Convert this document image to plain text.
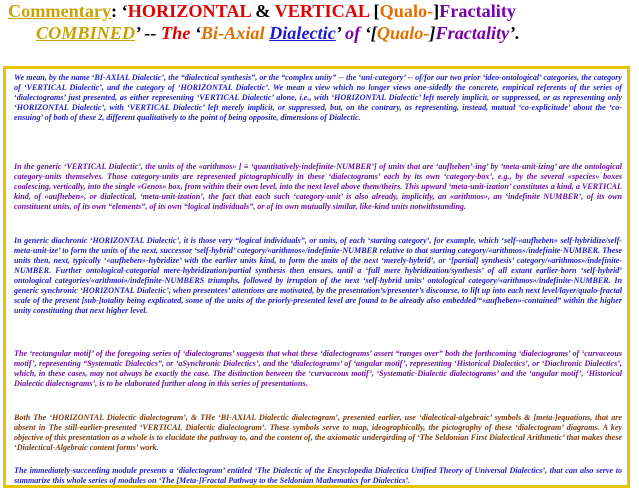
Commentary: ‘HORIZONTAL & VERTICAL [Qualo-]Fractality
COMBINED’ -- The ‘Bi-Axial Dialectic’ of ‘[Qualo-]Fractality’.
We mean, by the name ‘BI-AXIAL Dialectic’, the “dialectical synthesis”, or the “complex unity” -- the ‘uni-category’ -- of/for our two prior ‘ideo-ontological’ categories, the category of ‘VERTICAL Dialectic’, and the category of ‘HORIZONTAL Dialectic’. We mean a view which no longer views one-sidedly the concrete, empirical referents of the series of ‘dialectograms’ just presented, as either representing ‘VERTICAL Dialectic’ alone, i.e., with ‘HORIZONTAL Dialectic’ left merely implicit, or suppressed, or as representing only ‘HORIZONTAL Dialectic’, with ‘VERTICAL Dialectic’ left merely implicit, or suppressed, but, on the contrary, as representing, instead, mutual ‘co-explicitude’ about the ‘co-ensuing’ of both of these 2, different qualitatively to the point of being opposite, dimensions of Dialectic.
In the generic ‘VERTICAL Dialectic’, the units of the «arithmos» [ ≡ ‘quantitatively-indefinite-NUMBER’] of units that are ‘aufheben’-ing’ by ‘meta-unit-izing’ are the ontological category-units themselves. Those category-units are represented pictographically in these ‘dialectograms’ each by its own ‘category-box’, e.g., by the several «species» boxes coalescing, vertically, into the single «Genos» box, from within their own level, into the next level above them/theirs. This upward ‘meta-unit-ization’ constitutes a kind, a VERTICAL kind, of «aufheben», or dialectical, ‘meta-unit-ization’, the fact that each such ‘category-unit’ is also already, implicitly, an «arithmos», an ‘indefinite NUMBER’, of its own constituent units, of its own “elements”, of its own “logical individuals”, or of its own mutually similar, like-kind units notwithstanding.
In generic diachronic ‘HORIZONTAL Dialectic’, it is those very “logical individuals”, or units, of each ‘starting category’, for example, which ‘self-«aufheben» self-hybridize/self-meta-unit-ize’ to form the units of the next, successor ‘self-hybrid’ category/«arithmos»/indefinite-NUMBER relative to that starting category/«arithmos»/indefinite-NUMBER. These units then, next, typically ‘«aufheben»-hybridize’ with the earlier units kind, to form the units of the next ‘merely-hybrid’, or ‘[partial] synthesis’ category/«arithmos»/indefinite-NUMBER. Further ontological-categorial mere-hybridization/partial synthesis then ensues, until a ‘full mere hybridization/synthesis’ of all extant earlier-born ‘self-hybrid’ ontological categories/«arithmoi»/indefinite-NUMBERS triumphs, followed by irruption of the next ‘self-hybrid units’ ontological category/«arithmos»/indefinite-NUMBER. In generic synchronic ‘HORIZONTAL Dialectic’, when presentees’ attentions are motivated, by the presentation’s/presenter’s discourse, to lift up into each next level/layer/qualo-fractal scale of the present [sub-]totality being explicated, some of the units of the priorly-presented level are found to be already also embedded/“«aufheben»-contained” within the higher unity constituting that next higher level.
The ‘rectangular motif’ of the foregoing series of ‘dialectograms’ suggests that what these ‘dialectograms’ assert “ranges over” both the forthcoming ‘dialectograms’ of ‘curvaceous motif’, representing “Systematic Dialectics”, or ‘aSynchronic Dialectics’, and the ‘dialectograms’ of ‘angular motif’, representing ‘Historical Dialectics’, or ‘Diachronic Dialectics’, which, in these cases, may not always be exactly the case. The distinction between the ‘curvaceous motif’, ‘Systematic-Dialectic dialectograms’ and the ‘angular motif’, ‘Historical Dialectic dialectograms’, is to be elaborated further along in this series of presentations.
Both The ‘HORIZONTAL Dialectic dialectogram’, & THe ‘BI-AXIAL Dialectic dialectogram’, presented earlier, use ‘dialectical-algebraic’ symbols & [meta-]equations, that are absent in The still-earlier-presented ‘VERTICAL Dialectic dialectogram’. These symbols serve to map, ideographically, the pictography of these ‘dialectogram’ diagrams. A key objective of this presentation as a whole is to elucidate the pathway to, and the content of, the axiomatic undergirding of ‘The Seldonian First Dialectical Arithmetic’ that makes these ‘Dialectical-Algebraic content forms’ work.
The immediately-succeeding module presents a ‘dialectogram’ entitled ‘The Dialectic of the Encyclopedia Dialectica Unified Theory of Universal Dialectics’, that can also serve to summarize this whole series of modules on ‘The [Meta-]Fractal Pathway to the Seldonian Mathematics for Dialectics’.
